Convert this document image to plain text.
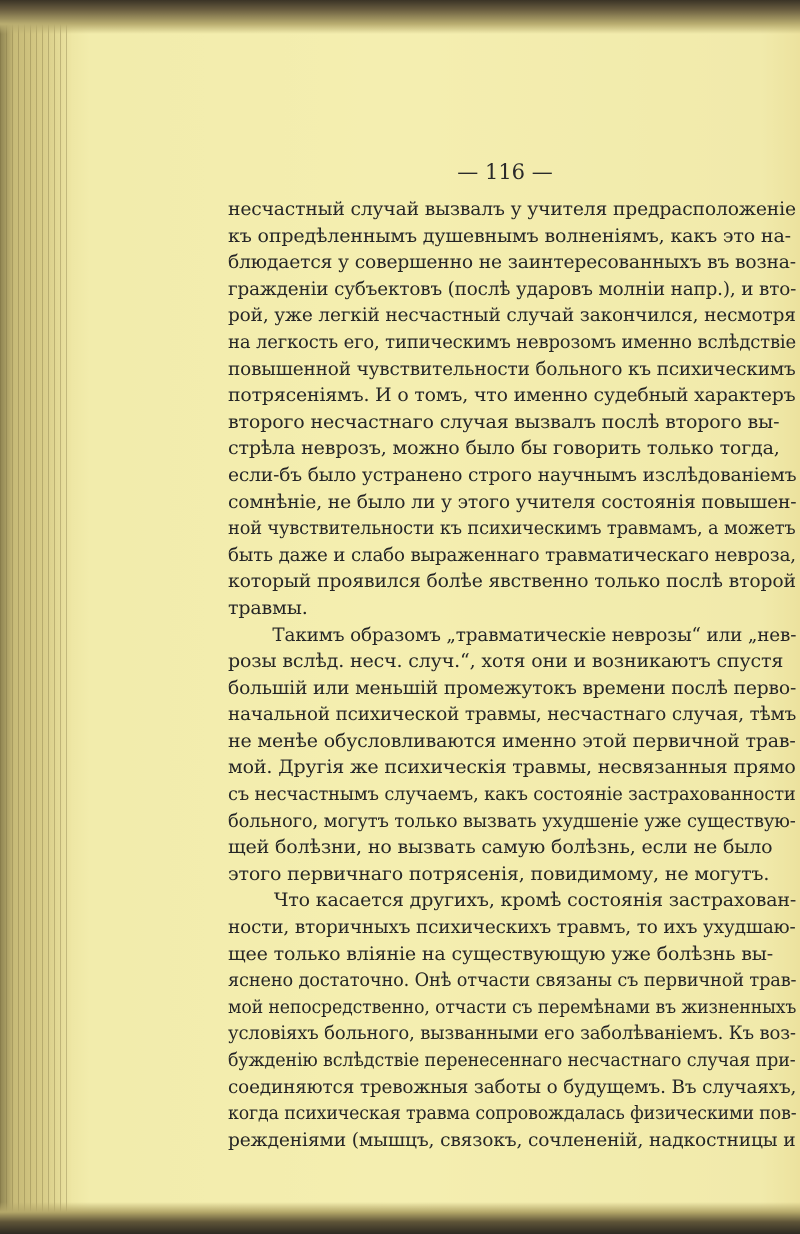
— 116 —
несчастный случай вызвалъ у учителя предрасположеніе
къ опредѣленнымъ душевнымъ волненіямъ, какъ это на-
блюдается у совершенно не заинтересованныхъ въ возна-
гражденіи субъектовъ (послѣ ударовъ молніи напр.), и вто-
рой, уже легкій несчастный случай закончился, несмотря
на легкость его, типическимъ неврозомъ именно вслѣдствіе
повышенной чувствительности больного къ психическимъ
потрясеніямъ. И о томъ, что именно судебный характеръ
второго несчастнаго случая вызвалъ послѣ второго вы-
стрѣла неврозъ, можно было бы говорить только тогда,
если-бъ было устранено строго научнымъ изслѣдованіемъ
сомнѣніе, не было ли у этого учителя состоянія повышен-
ной чувствительности къ психическимъ травмамъ, а можетъ
быть даже и слабо выраженнаго травматическаго невроза,
который проявился болѣе явственно только послѣ второй
травмы.
Такимъ образомъ „травматическіе неврозы“ или „нев-
розы вслѣд. несч. случ.“, хотя они и возникаютъ спустя
большій или меньшій промежутокъ времени послѣ перво-
начальной психической травмы, несчастнаго случая, тѣмъ
не менѣе обусловливаются именно этой первичной трав-
мой. Другія же психическія травмы, несвязанныя прямо
съ несчастнымъ случаемъ, какъ состояніе застрахованности
больного, могутъ только вызвать ухудшеніе уже существую-
щей болѣзни, но вызвать самую болѣзнь, если не было
этого первичнаго потрясенія, повидимому, не могутъ.
Что касается другихъ, кромѣ состоянія застрахован-
ности, вторичныхъ психическихъ травмъ, то ихъ ухудшаю-
щее только вліяніе на существующую уже болѣзнь вы-
яснено достаточно. Онѣ отчасти связаны съ первичной трав-
мой непосредственно, отчасти съ перемѣнами въ жизненныхъ
условіяхъ больного, вызванными его заболѣваніемъ. Къ воз-
бужденію вслѣдствіе перенесеннаго несчастнаго случая при-
соединяются тревожныя заботы о будущемъ. Въ случаяхъ,
когда психическая травма сопровождалась физическими пов-
режденіями (мышцъ, связокъ, сочлененій, надкостницы и
